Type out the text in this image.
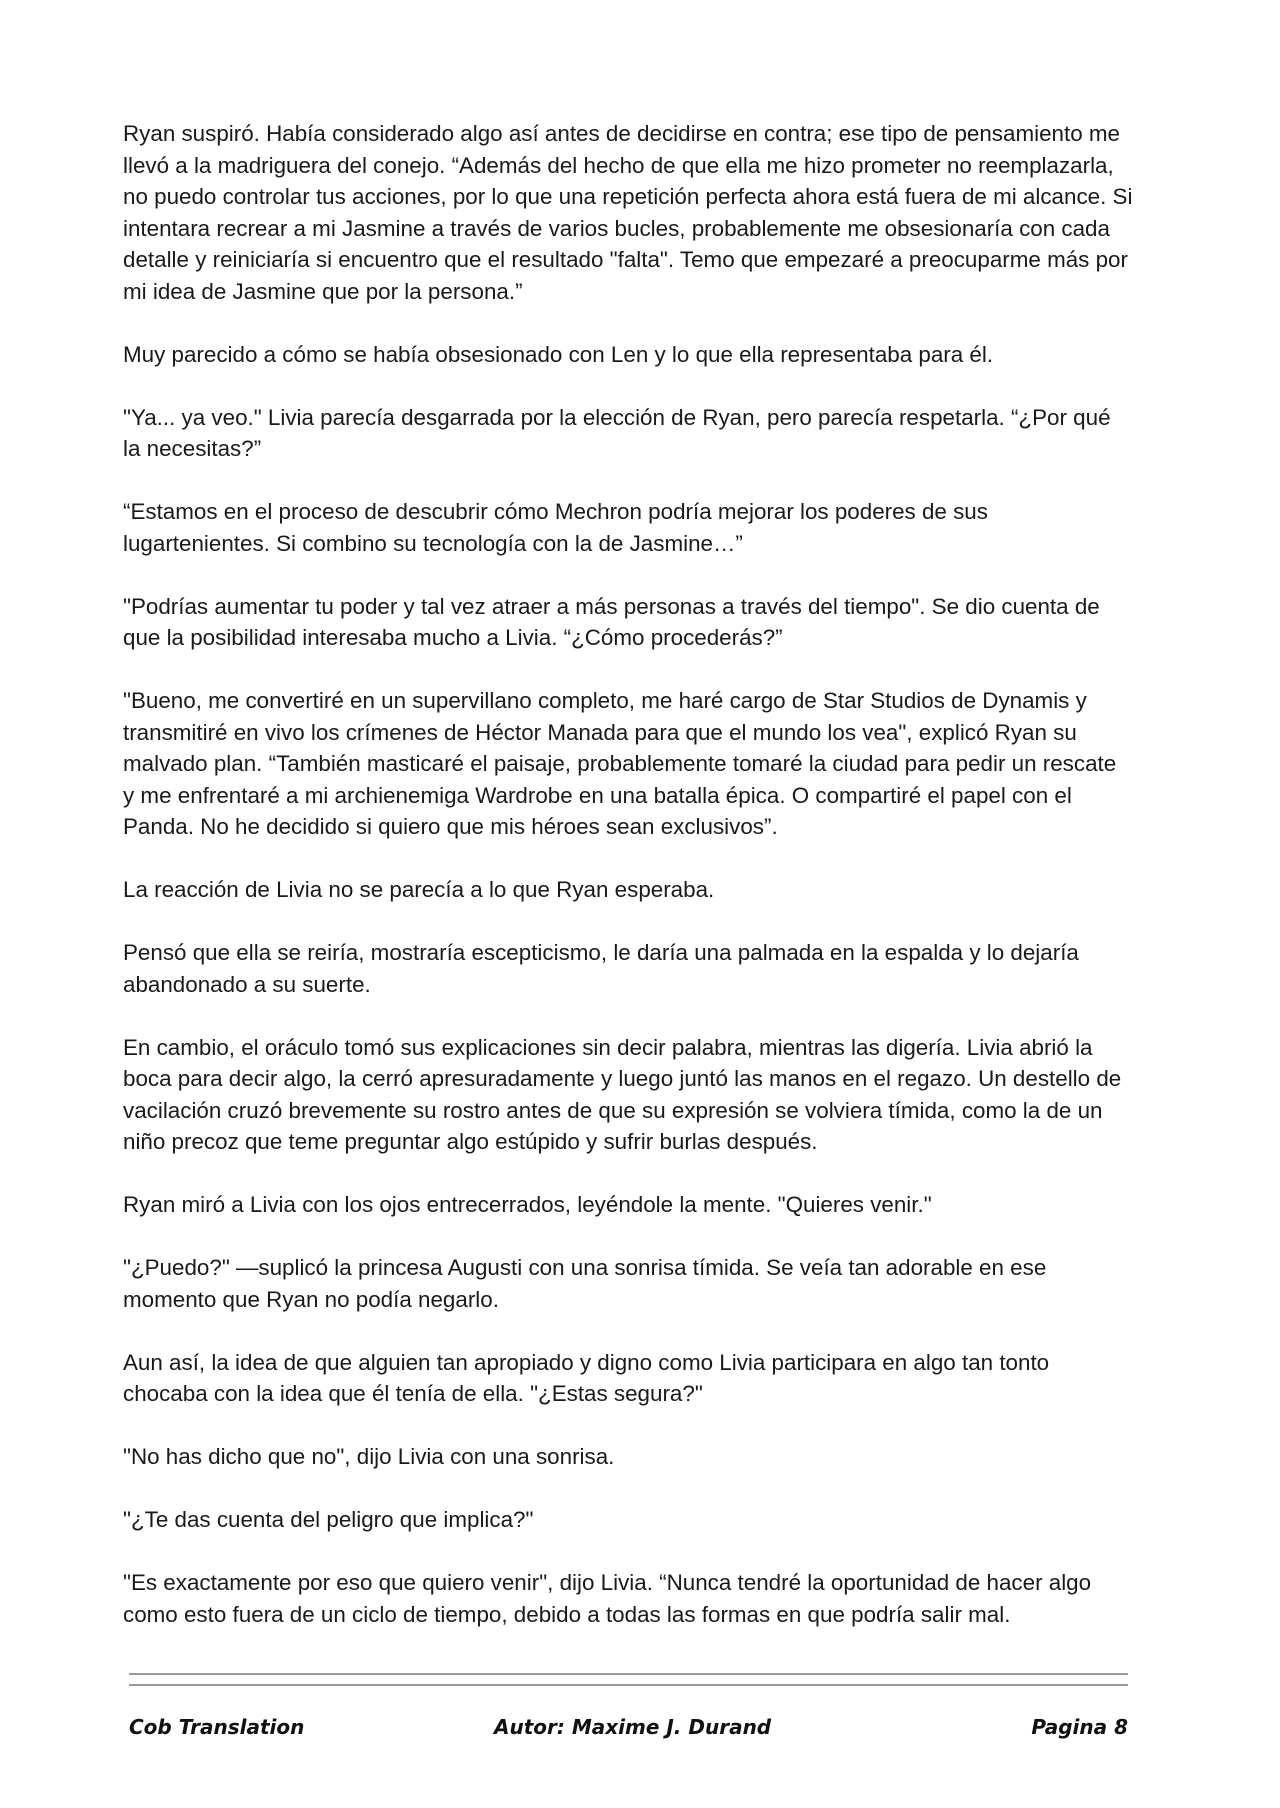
Ryan suspiró. Había considerado algo así antes de decidirse en contra; ese tipo de pensamiento me llevó a la madriguera del conejo. “Además del hecho de que ella me hizo prometer no reemplazarla, no puedo controlar tus acciones, por lo que una repetición perfecta ahora está fuera de mi alcance. Si intentara recrear a mi Jasmine a través de varios bucles, probablemente me obsesionaría con cada detalle y reiniciaría si encuentro que el resultado "falta". Temo que empezaré a preocuparme más por mi idea de Jasmine que por la persona.”

Muy parecido a cómo se había obsesionado con Len y lo que ella representaba para él.

"Ya... ya veo." Livia parecía desgarrada por la elección de Ryan, pero parecía respetarla. “¿Por qué la necesitas?”

“Estamos en el proceso de descubrir cómo Mechron podría mejorar los poderes de sus lugartenientes. Si combino su tecnología con la de Jasmine…”

"Podrías aumentar tu poder y tal vez atraer a más personas a través del tiempo". Se dio cuenta de que la posibilidad interesaba mucho a Livia. “¿Cómo procederás?”

"Bueno, me convertiré en un supervillano completo, me haré cargo de Star Studios de Dynamis y transmitiré en vivo los crímenes de Héctor Manada para que el mundo los vea", explicó Ryan su malvado plan. “También masticaré el paisaje, probablemente tomaré la ciudad para pedir un rescate y me enfrentaré a mi archienemiga Wardrobe en una batalla épica. O compartiré el papel con el Panda. No he decidido si quiero que mis héroes sean exclusivos”.

La reacción de Livia no se parecía a lo que Ryan esperaba.

Pensó que ella se reiría, mostraría escepticismo, le daría una palmada en la espalda y lo dejaría abandonado a su suerte.

En cambio, el oráculo tomó sus explicaciones sin decir palabra, mientras las digería. Livia abrió la boca para decir algo, la cerró apresuradamente y luego juntó las manos en el regazo. Un destello de vacilación cruzó brevemente su rostro antes de que su expresión se volviera tímida, como la de un niño precoz que teme preguntar algo estúpido y sufrir burlas después.

Ryan miró a Livia con los ojos entrecerrados, leyéndole la mente. "Quieres venir."

"¿Puedo?" —suplicó la princesa Augusti con una sonrisa tímida. Se veía tan adorable en ese momento que Ryan no podía negarlo.

Aun así, la idea de que alguien tan apropiado y digno como Livia participara en algo tan tonto chocaba con la idea que él tenía de ella. "¿Estas segura?"

"No has dicho que no", dijo Livia con una sonrisa.

"¿Te das cuenta del peligro que implica?"

"Es exactamente por eso que quiero venir", dijo Livia. “Nunca tendré la oportunidad de hacer algo como esto fuera de un ciclo de tiempo, debido a todas las formas en que podría salir mal.

Cob Translation	Autor: Maxime J. Durand	Pagina 8
